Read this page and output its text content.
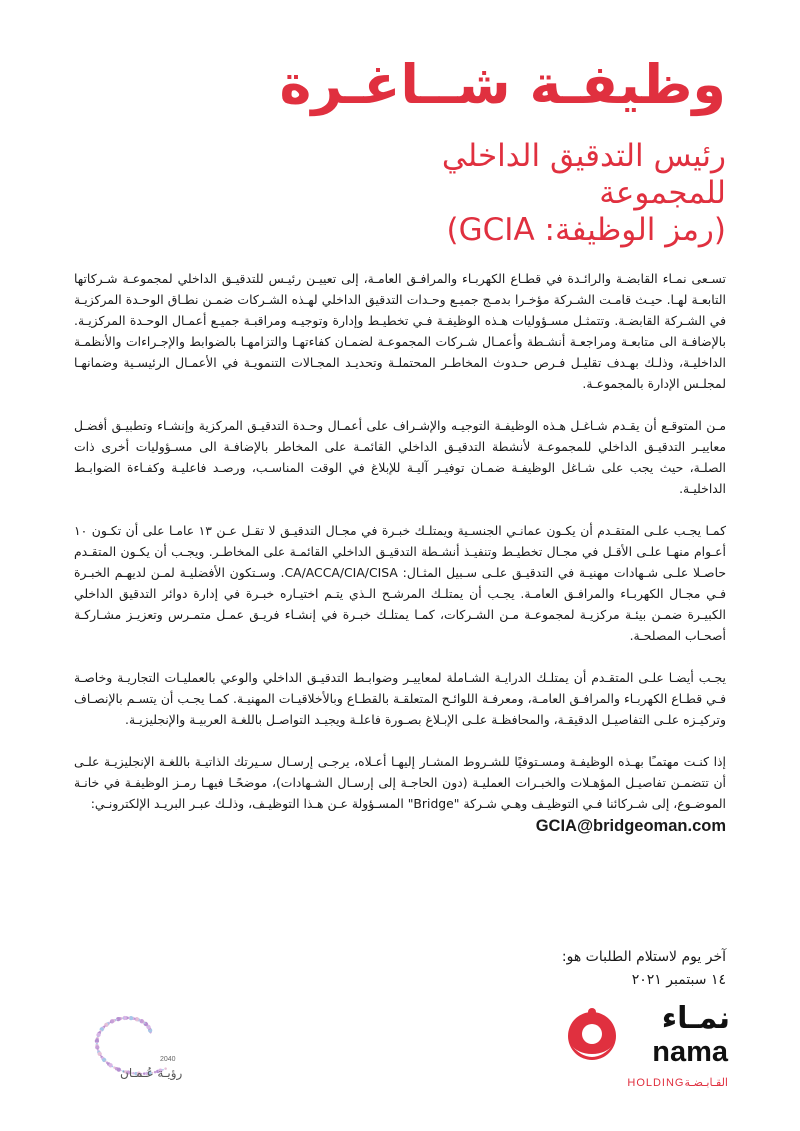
وظيفـة شــاغـرة
رئيس التدقيق الداخلي
للمجموعة
(رمز الوظيفة: GCIA)

تسـعى نمـاء القابضـة والرائـدة في قطـاع الكهربـاء والمرافـق العامـة، إلى تعييـن رئيـس للتدقيـق الداخلي لمجموعـة شـركاتها التابعـة لهـا. حيـث قامـت الشـركة مؤخـرا بدمـج جميـع وحـدات التدقيق الداخلي لهـذه الشـركات ضمـن نطـاق الوحـدة المركزيـة في الشـركة القابضـة. وتتمثـل مسـؤوليات هـذه الوظيفـة فـي تخطيـط وإدارة وتوجيـه ومراقبـة جميـع أعمـال الوحـدة المركزيـة. بالإضافـة الى متابعـة ومراجعـة أنشـطة وأعمـال شـركات المجموعـة لضمـان كفاءتهـا والتزامهـا بالضوابط والإجـراءات والأنظمـة الداخليـة، وذلـك بهـدف تقليـل فـرص حـدوث المخاطـر المحتملـة وتحديـد المجـالات التنمويـة في الأعمـال الرئيسـية وضمانهـا لمجلـس الإدارة بالمجموعـة.

مـن المتوقـع أن يقـدم شـاغـل هـذه الوظيفـة التوجيـه والإشـراف على أعمـال وحـدة التدقيـق المركزية وإنشـاء وتطبيـق أفضـل معاييـر التدقيـق الداخلي للمجموعـة لأنشطة التدقيـق الداخلي القائمـة على المخاطر بالإضافـة الى مسـؤوليات أخرى ذات الصلـة، حيث يجب على شـاغل الوظيفـة ضمـان توفيـر آليـة للإبلاغ في الوقت المناسـب، ورصـد فاعليـة وكفـاءة الضوابـط الداخليـة.

كمـا يجـب علـى المتقـدم أن يكـون عمانـي الجنسـية ويمتلـك خبـرة في مجـال التدقيـق لا تقـل عـن ١٣ عامـا على أن تكـون ١٠ أعـوام منهـا علـى الأقـل في مجـال تخطيـط وتنفيـذ أنشـطة التدقيـق الداخلي القائمـة على المخاطـر. ويجـب أن يكـون المتقـدم حاصـلا علـى شـهادات مهنيـة في التدقيـق علـى سـبيل المثـال: CA/ACCA/CIA/CISA. وسـتكون الأفضليـة لمـن لديهـم الخبـرة فـي مجـال الكهربـاء والمرافـق العامـة. يجـب أن يمتلـك المرشـح الـذي يتـم اختيـاره خبـرة في إدارة دوائر التدقيق الداخلي الكبيـرة ضمـن بيئـة مركزيـة لمجموعـة مـن الشـركات، كمـا يمتلـك خبـرة في إنشـاء فريـق عمـل متمـرس وتعزيـز مشـاركـة أصحـاب المصلحـة.

يجـب أيضـا علـى المتقـدم أن يمتلـك الدرايـة الشـاملة لمعاييـر وضوابـط التدقيـق الداخلي والوعي بالعمليـات التجاريـة وخاصـة فـي قطـاع الكهربـاء والمرافـق العامـة، ومعرفـة اللوائـح المتعلقـة بالقطـاع وبالأخلاقيـات المهنيـة. كمـا يجـب أن يتسـم بالإنصـاف وتركيـزه علـى التفاصيـل الدقيقـة، والمحافظـة علـى الإبـلاغ بصـورة فاعلـة ويجيـد التواصـل باللغـة العربيـة والإنجليزيـة.

إذا كنـت مهتمـًا بهـذه الوظيفـة ومسـتوفيًا للشـروط المشـار إليهـا أعـلاه، يرجـى إرسـال سـيرتك الذاتيـة باللغـة الإنجليزيـة علـى أن تتضمـن تفاصيـل المؤهـلات والخبـرات العمليـة (دون الحاجـة إلى إرسـال الشـهادات)، موضحًـا فيهـا رمـز الوظيفـة في خانـة الموضـوع، إلى شـركائنا فـي التوظيـف وهـي شـركة "Bridge" المسـؤولة عـن هـذا التوظيـف، وذلـك عبـر البريـد الإلكترونـي:

GCIA@bridgeoman.com
آخر يوم لاستلام الطلبات هو:
١٤ سبتمبر ٢٠٢١
رؤيـة عُـمـان
2040
نمـاء
nama
HOLDINGالقـابـضـة
